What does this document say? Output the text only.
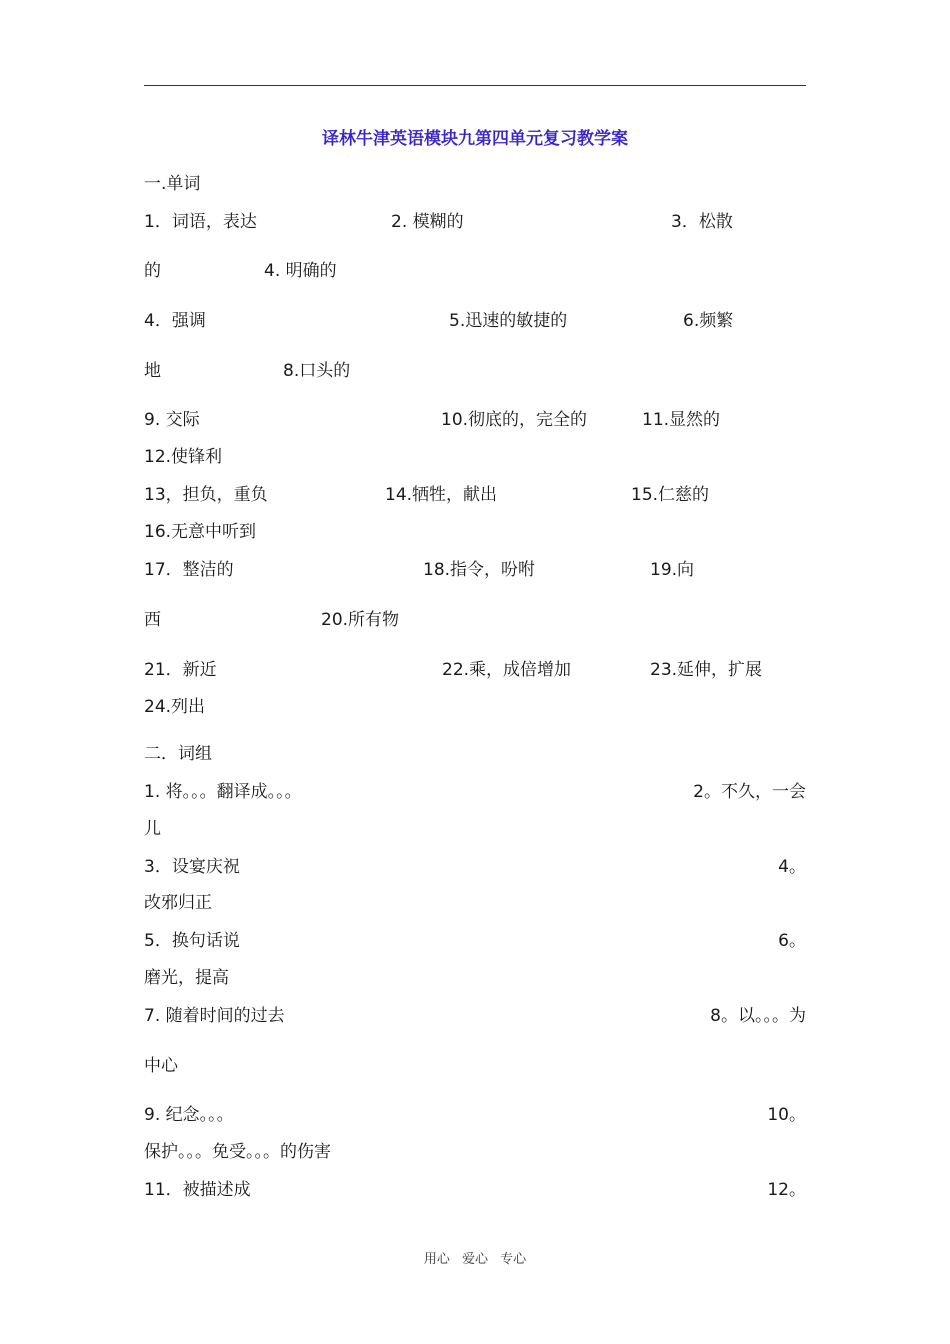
译林牛津英语模块九第四单元复习教学案
一.单词
1．词语，表达	2. 模糊的	3．松散
的	4. 明确的
4．强调	5.迅速的敏捷的	6.频繁
地	8.口头的
9. 交际	10.彻底的，完全的	11.显然的
12.使锋利
13，担负，重负	14.牺牲，献出	15.仁慈的
16.无意中听到
17．整洁的	18.指令，吩咐	19.向
西	20.所有物
21．新近	22.乘，成倍增加	23.延伸，扩展
24.列出
二．词组
1. 将。。。翻译成。。。	2。不久，一会
儿
3．设宴庆祝	4。
改邪归正
5．换句话说	6。
磨光，提高
7. 随着时间的过去	8。以。。。为
中心
9. 纪念。。。	10。
保护。。。免受。。。的伤害
11．被描述成	12。
用心 爱心 专心
